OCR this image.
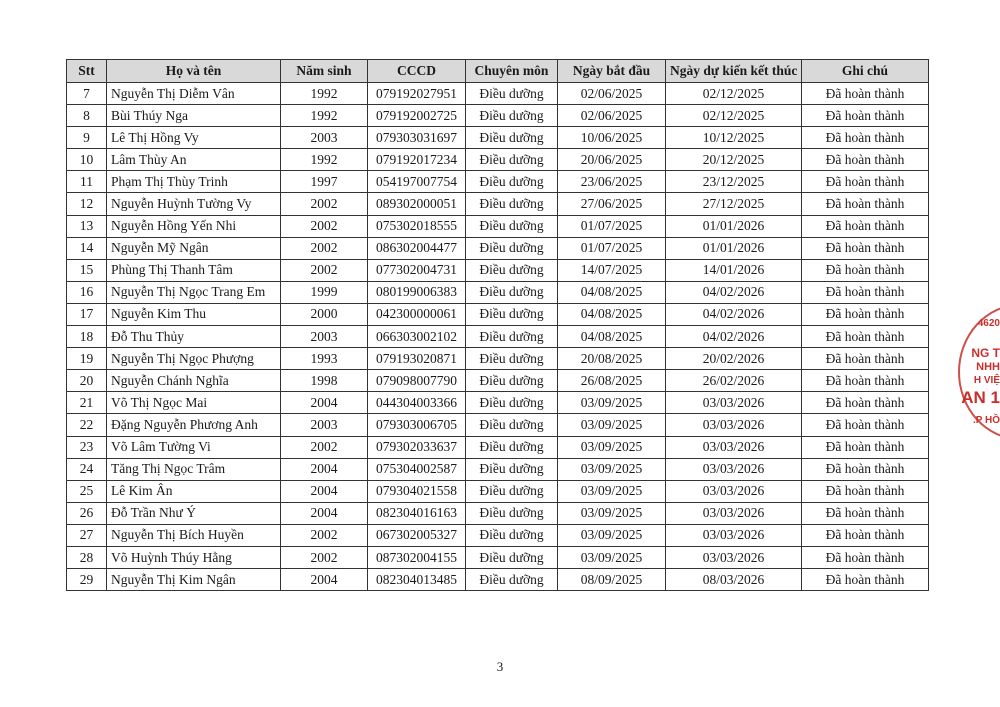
Stt	Họ và tên	Năm sinh	CCCD	Chuyên môn	Ngày bắt đầu	Ngày dự kiến kết thúc	Ghi chú
7	Nguyễn Thị Diễm Vân	1992	079192027951	Điều dưỡng	02/06/2025	02/12/2025	Đã hoàn thành
8	Bùi Thúy Nga	1992	079192002725	Điều dưỡng	02/06/2025	02/12/2025	Đã hoàn thành
9	Lê Thị Hồng Vy	2003	079303031697	Điều dưỡng	10/06/2025	10/12/2025	Đã hoàn thành
10	Lâm Thùy An	1992	079192017234	Điều dưỡng	20/06/2025	20/12/2025	Đã hoàn thành
11	Phạm Thị Thùy Trinh	1997	054197007754	Điều dưỡng	23/06/2025	23/12/2025	Đã hoàn thành
12	Nguyễn Huỳnh Tường Vy	2002	089302000051	Điều dưỡng	27/06/2025	27/12/2025	Đã hoàn thành
13	Nguyễn Hồng Yến Nhi	2002	075302018555	Điều dưỡng	01/07/2025	01/01/2026	Đã hoàn thành
14	Nguyễn Mỹ Ngân	2002	086302004477	Điều dưỡng	01/07/2025	01/01/2026	Đã hoàn thành
15	Phùng Thị Thanh Tâm	2002	077302004731	Điều dưỡng	14/07/2025	14/01/2026	Đã hoàn thành
16	Nguyễn Thị Ngọc Trang Em	1999	080199006383	Điều dưỡng	04/08/2025	04/02/2026	Đã hoàn thành
17	Nguyễn Kim Thu	2000	042300000061	Điều dưỡng	04/08/2025	04/02/2026	Đã hoàn thành
18	Đỗ Thu Thủy	2003	066303002102	Điều dưỡng	04/08/2025	04/02/2026	Đã hoàn thành
19	Nguyễn Thị Ngọc Phượng	1993	079193020871	Điều dưỡng	20/08/2025	20/02/2026	Đã hoàn thành
20	Nguyễn Chánh Nghĩa	1998	079098007790	Điều dưỡng	26/08/2025	26/02/2026	Đã hoàn thành
21	Võ Thị Ngọc Mai	2004	044304003366	Điều dưỡng	03/09/2025	03/03/2026	Đã hoàn thành
22	Đặng Nguyễn Phương Anh	2003	079303006705	Điều dưỡng	03/09/2025	03/03/2026	Đã hoàn thành
23	Võ Lâm Tường Vi	2002	079302033637	Điều dưỡng	03/09/2025	03/03/2026	Đã hoàn thành
24	Tăng Thị Ngọc Trâm	2004	075304002587	Điều dưỡng	03/09/2025	03/03/2026	Đã hoàn thành
25	Lê Kim Ân	2004	079304021558	Điều dưỡng	03/09/2025	03/03/2026	Đã hoàn thành
26	Đỗ Trần Như Ý	2004	082304016163	Điều dưỡng	03/09/2025	03/03/2026	Đã hoàn thành
27	Nguyễn Thị Bích Huyền	2002	067302005327	Điều dưỡng	03/09/2025	03/03/2026	Đã hoàn thành
28	Võ Huỳnh Thúy Hằng	2002	087302004155	Điều dưỡng	03/09/2025	03/03/2026	Đã hoàn thành
29	Nguyễn Thị Kim Ngân	2004	082304013485	Điều dưỡng	08/09/2025	08/03/2026	Đã hoàn thành
3
4620
NG T
NHH
H VIỆ
AN 1
.P HỒ
